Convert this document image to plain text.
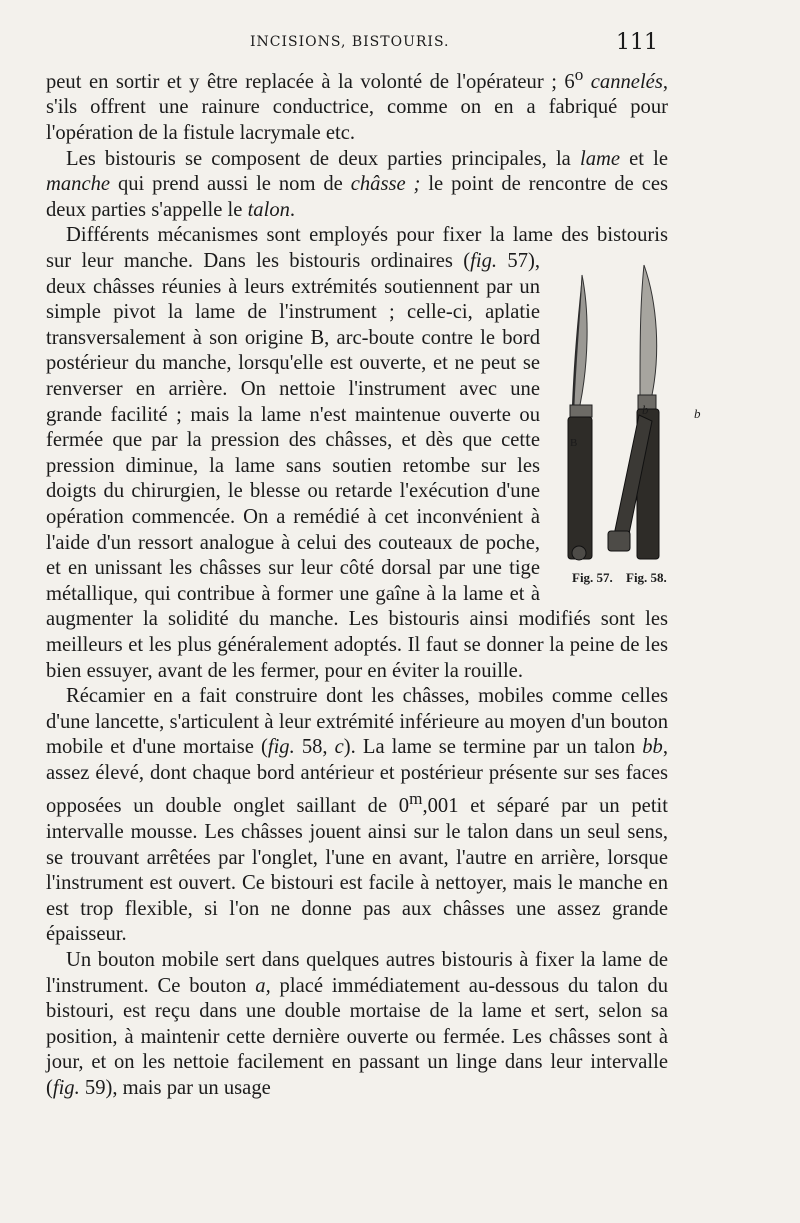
INCISIONS, BISTOURIS.	111

peut en sortir et y être replacée à la volonté de l'opérateur ; 6$^o$ cannelés, s'ils offrent une rainure conductrice, comme on en a fabriqué pour l'opération de la fistule lacrymale etc.

Les bistouris se composent de deux parties principales, la lame et le manche qui prend aussi le nom de châsse ; le point de rencontre de ces deux parties s'appelle le talon.

Différents mécanismes sont employés pour fixer la lame des bistouris sur leur manche. Dans les bistouris ordinaires (fig.
B
b	b
Fig. 57.	Fig. 58.
57), deux châsses réunies à leurs extrémités soutiennent par un simple pivot la lame de l'instrument ; celle-ci, aplatie transversalement à son origine B, arc-boute contre le bord postérieur du manche, lorsqu'elle est ouverte, et ne peut se renverser en arrière. On nettoie l'instrument avec une grande facilité ; mais la lame n'est maintenue ouverte ou fermée que par la pression des châsses, et dès que cette pression diminue, la lame sans soutien retombe sur les doigts du chirurgien, le blesse ou retarde l'exécution d'une opération commencée. On a remédié à cet inconvénient à l'aide d'un ressort analogue à celui des couteaux de poche, et en unissant les châsses sur leur côté dorsal par une tige métallique, qui contribue à former une gaîne à la lame et à augmenter la solidité du manche. Les bistouris ainsi modifiés sont les meilleurs et les plus généralement adoptés. Il faut se donner la peine de les bien essuyer, avant de les fermer, pour en éviter la rouille.

Récamier en a fait construire dont les châsses, mobiles comme celles d'une lancette, s'articulent à leur extrémité inférieure au moyen d'un bouton mobile et d'une mortaise (fig. 58, c). La lame se termine par un talon bb, assez élevé, dont chaque bord antérieur et postérieur présente sur ses faces opposées un double onglet saillant de 0$^m$,001 et séparé par un petit intervalle mousse. Les châsses jouent ainsi sur le talon dans un seul sens, se trouvant arrêtées par l'onglet, l'une en avant, l'autre en arrière, lorsque l'instrument est ouvert. Ce bistouri est facile à nettoyer, mais le manche en est trop flexible, si l'on ne donne pas aux châsses une assez grande épaisseur.

Un bouton mobile sert dans quelques autres bistouris à fixer la lame de l'instrument. Ce bouton a, placé immédiatement au-dessous du talon du bistouri, est reçu dans une double mortaise de la lame et sert, selon sa position, à maintenir cette dernière ouverte ou fermée. Les châsses sont à jour, et on les nettoie facilement en passant un linge dans leur intervalle (fig. 59), mais par un usage
